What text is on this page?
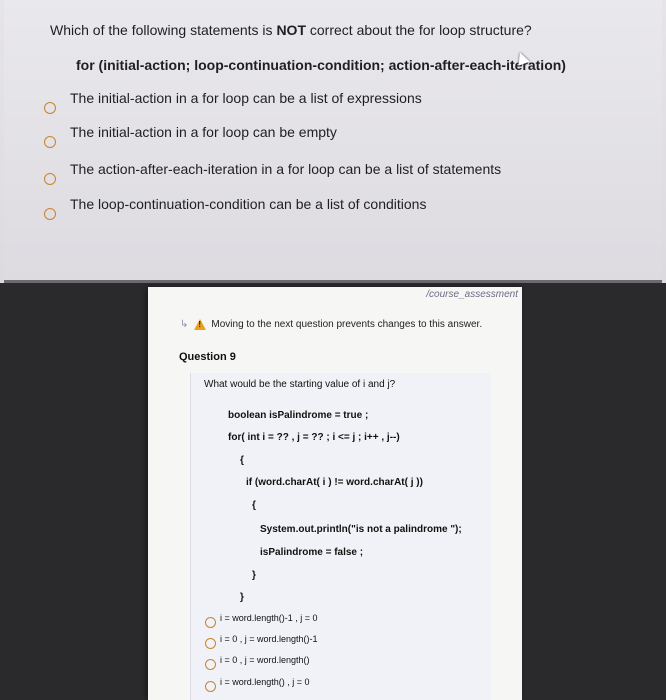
Which of the following statements is NOT correct about the for loop structure?
for (initial-action; loop-continuation-condition; action-after-each-iteration)
The initial-action in a for loop can be a list of expressions
The initial-action in a for loop can be empty
The action-after-each-iteration in a for loop can be a list of statements
The loop-continuation-condition can be a list of conditions
/course_assessment
↳
! Moving to the next question prevents changes to this answer.
Question 9
What would be the starting value of i and j?
boolean isPalindrome = true ;
for( int i = ?? , j = ?? ; i <= j ; i++ , j--)
{
if (word.charAt( i ) != word.charAt( j ))
{
System.out.println("is not a palindrome ");
isPalindrome = false ;
}
}
i = word.length()-1 , j = 0
i = 0 , j = word.length()-1
i = 0 , j = word.length()
i = word.length() , j = 0
